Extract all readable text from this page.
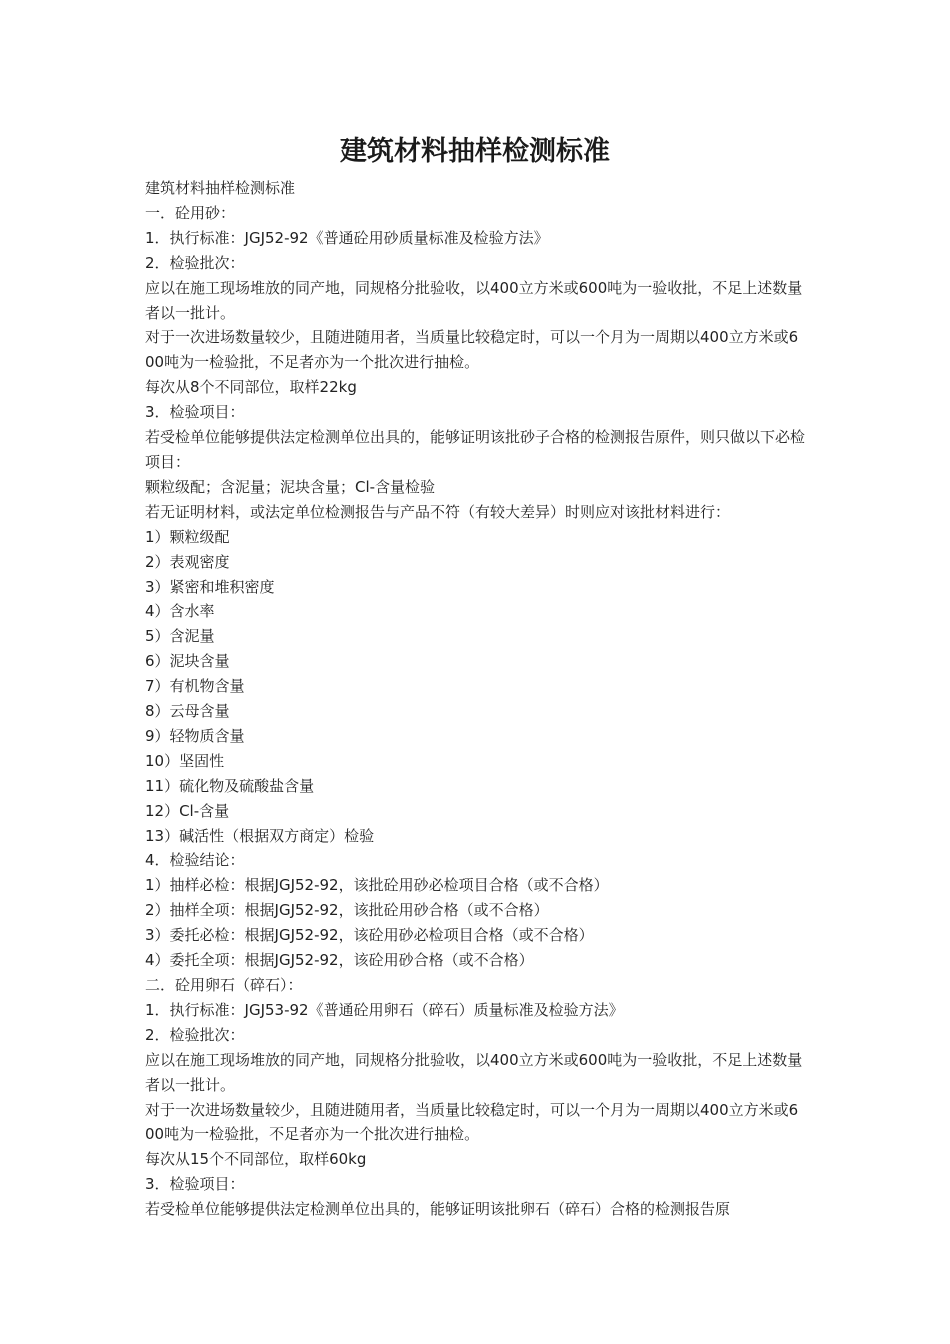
建筑材料抽样检测标准

建筑材料抽样检测标准

一．砼用砂：

1．执行标准：JGJ52-92《普通砼用砂质量标准及检验方法》

2．检验批次：

应以在施工现场堆放的同产地，同规格分批验收，以400立方米或600吨为一验收批，不足上述数量者以一批计。

对于一次进场数量较少，且随进随用者，当质量比较稳定时，可以一个月为一周期以400立方米或600吨为一检验批，不足者亦为一个批次进行抽检。

每次从8个不同部位，取样22kg

3．检验项目：

若受检单位能够提供法定检测单位出具的，能够证明该批砂子合格的检测报告原件，则只做以下必检项目：

颗粒级配；含泥量；泥块含量；Cl-含量检验

若无证明材料，或法定单位检测报告与产品不符（有较大差异）时则应对该批材料进行：

1）颗粒级配

2）表观密度

3）紧密和堆积密度

4）含水率

5）含泥量

6）泥块含量

7）有机物含量

8）云母含量

9）轻物质含量

10）坚固性

11）硫化物及硫酸盐含量

12）Cl-含量

13）碱活性（根据双方商定）检验

4．检验结论：

1）抽样必检：根据JGJ52-92，该批砼用砂必检项目合格（或不合格）

2）抽样全项：根据JGJ52-92，该批砼用砂合格（或不合格）

3）委托必检：根据JGJ52-92，该砼用砂必检项目合格（或不合格）

4）委托全项：根据JGJ52-92，该砼用砂合格（或不合格）

二．砼用卵石（碎石）：

1．执行标准：JGJ53-92《普通砼用卵石（碎石）质量标准及检验方法》

2．检验批次：

应以在施工现场堆放的同产地，同规格分批验收，以400立方米或600吨为一验收批，不足上述数量者以一批计。

对于一次进场数量较少，且随进随用者，当质量比较稳定时，可以一个月为一周期以400立方米或600吨为一检验批，不足者亦为一个批次进行抽检。

每次从15个不同部位，取样60kg

3．检验项目：

若受检单位能够提供法定检测单位出具的，能够证明该批卵石（碎石）合格的检测报告原
